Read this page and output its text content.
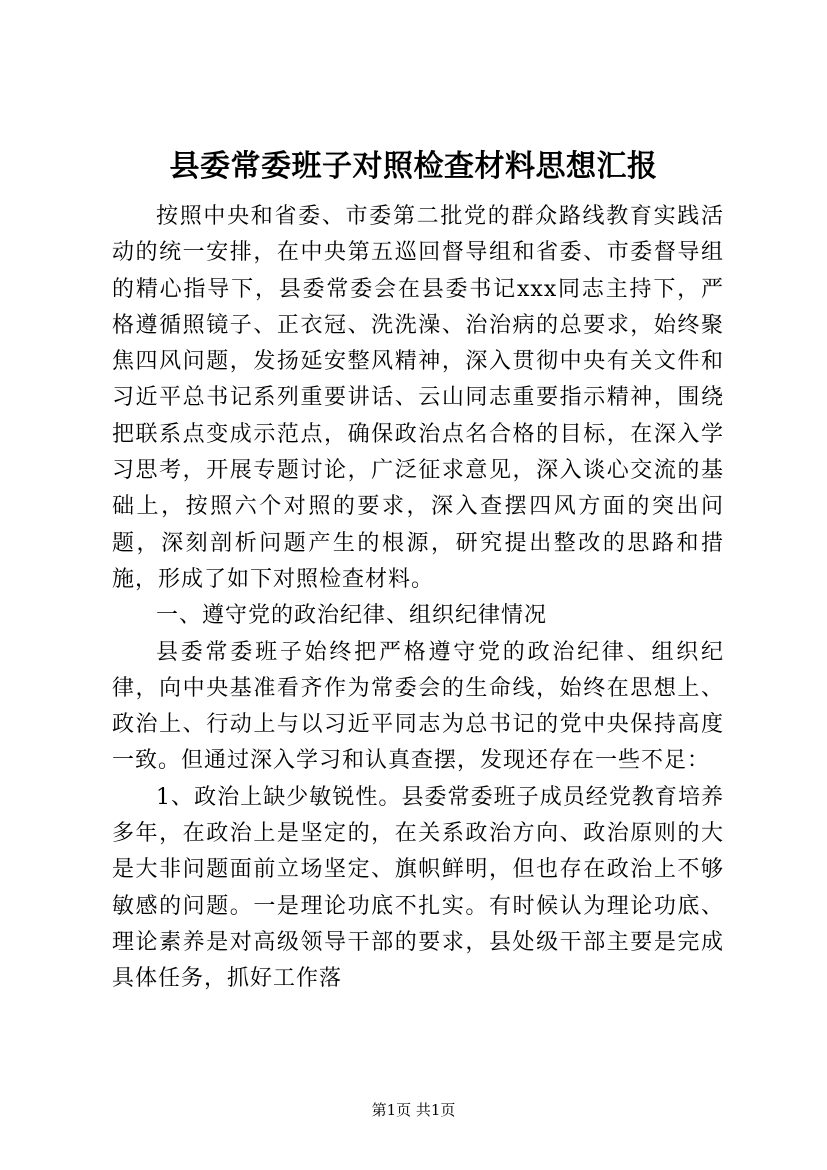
县委常委班子对照检查材料思想汇报

按照中央和省委、市委第二批党的群众路线教育实践活动的统一安排，在中央第五巡回督导组和省委、市委督导组的精心指导下，县委常委会在县委书记xxx同志主持下，严格遵循照镜子、正衣冠、洗洗澡、治治病的总要求，始终聚焦四风问题，发扬延安整风精神，深入贯彻中央有关文件和习近平总书记系列重要讲话、云山同志重要指示精神，围绕把联系点变成示范点，确保政治点名合格的目标，在深入学习思考，开展专题讨论，广泛征求意见，深入谈心交流的基础上，按照六个对照的要求，深入查摆四风方面的突出问题，深刻剖析问题产生的根源，研究提出整改的思路和措施，形成了如下对照检查材料。

一、遵守党的政治纪律、组织纪律情况

县委常委班子始终把严格遵守党的政治纪律、组织纪律，向中央基准看齐作为常委会的生命线，始终在思想上、政治上、行动上与以习近平同志为总书记的党中央保持高度一致。但通过深入学习和认真查摆，发现还存在一些不足：

1、政治上缺少敏锐性。县委常委班子成员经党教育培养多年，在政治上是坚定的，在关系政治方向、政治原则的大是大非问题面前立场坚定、旗帜鲜明，但也存在政治上不够敏感的问题。一是理论功底不扎实。有时候认为理论功底、理论素养是对高级领导干部的要求，县处级干部主要是完成具体任务，抓好工作落

第1页 共1页
